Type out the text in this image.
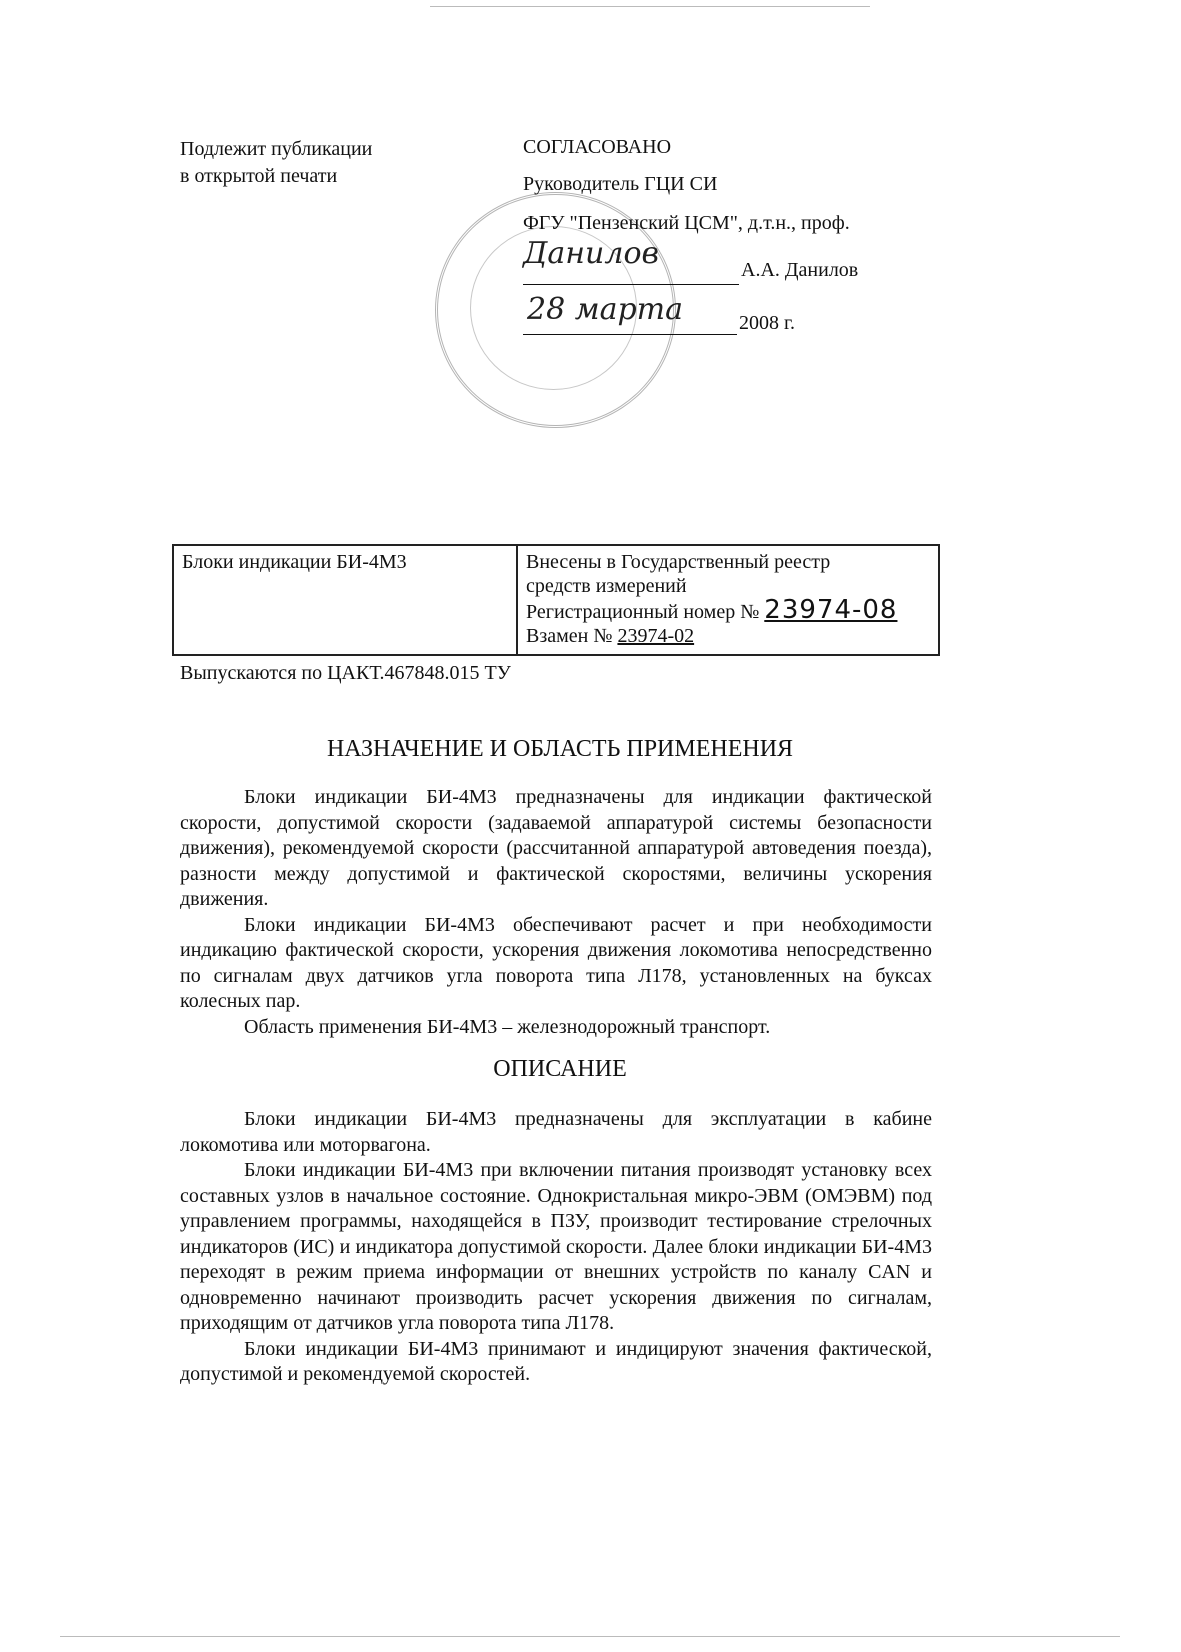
Подлежит публикации
в открытой печати
СОГЛАСОВАНО
Руководитель ГЦИ СИ
ФГУ "Пензенский ЦСМ", д.т.н., проф.
Данилов	А.А. Данилов
28 марта	2008 г.
Блоки индикации БИ-4М3	Внесены в Государственный реестр
средств измерений
Регистрационный номер № 23974-08
Взамен № 23974-02
Выпускаются по ЦАКТ.467848.015 ТУ
НАЗНАЧЕНИЕ И ОБЛАСТЬ ПРИМЕНЕНИЯ

Блоки индикации БИ-4М3 предназначены для индикации фактической скорости, допустимой скорости (задаваемой аппаратурой системы безопасности движения), рекомендуемой скорости (рассчитанной аппаратурой автоведения поезда), разности между допустимой и фактической скоростями, величины ускорения движения.

Блоки индикации БИ-4М3 обеспечивают расчет и при необходимости индикацию фактической скорости, ускорения движения локомотива непосредственно по сигналам двух датчиков угла поворота типа Л178, установленных на буксах колесных пар.

Область применения БИ-4М3 – железнодорожный транспорт.

ОПИСАНИЕ

Блоки индикации БИ-4М3 предназначены для эксплуатации в кабине локомотива или моторвагона.

Блоки индикации БИ-4М3 при включении питания производят установку всех составных узлов в начальное состояние. Однокристальная микро-ЭВМ (ОМЭВМ) под управлением программы, находящейся в ПЗУ, производит тестирование стрелочных индикаторов (ИС) и индикатора допустимой скорости. Далее блоки индикации БИ-4М3 переходят в режим приема информации от внешних устройств по каналу CAN и одновременно начинают производить расчет ускорения движения по сигналам, приходящим от датчиков угла поворота типа Л178.

Блоки индикации БИ-4М3 принимают и индицируют значения фактической, допустимой и рекомендуемой скоростей.
